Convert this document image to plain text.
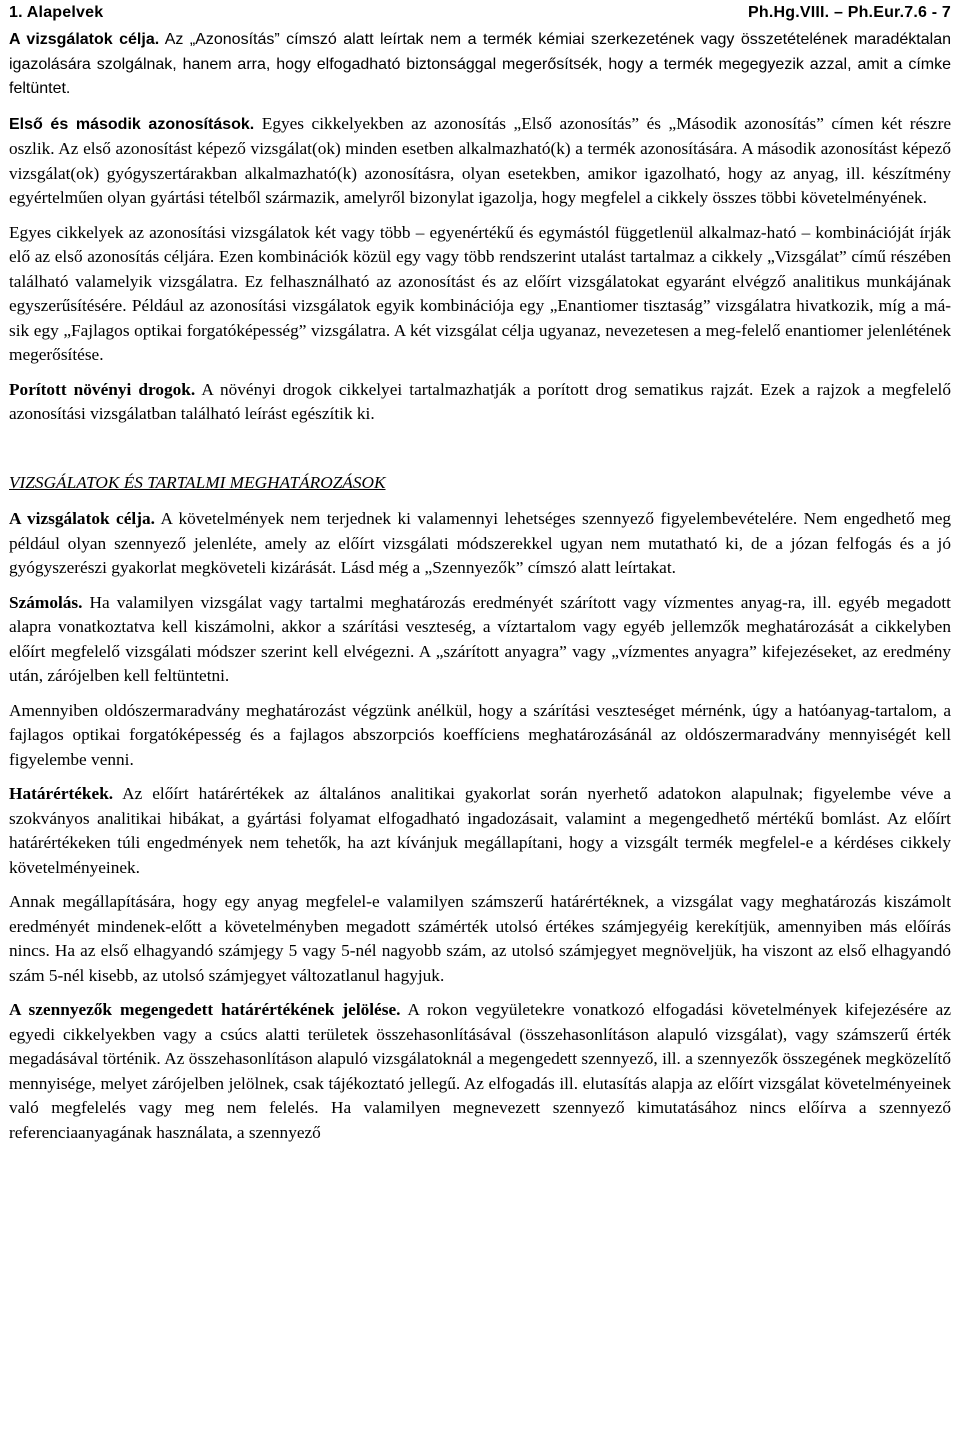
1. Alapelvek	Ph.Hg.VIII. – Ph.Eur.7.6 - 7

A vizsgálatok célja. Az „Azonosítás” címszó alatt leírtak nem a termék kémiai szerkezetének vagy összetételének maradéktalan igazolására szolgálnak, hanem arra, hogy elfogadható biztonsággal megerősítsék, hogy a termék megegyezik azzal, amit a címke feltüntet.

Első és második azonosítások. Egyes cikkelyekben az azonosítás „Első azonosítás” és „Második azonosítás” címen két részre oszlik. Az első azonosítást képező vizsgálat(ok) minden esetben alkalmazható(k) a termék azonosítására. A második azonosítást képező vizsgálat(ok) gyógyszertárakban alkalmazható(k) azonosításra, olyan esetekben, amikor igazolható, hogy az anyag, ill. készítmény egyértelműen olyan gyártási tételből származik, amelyről bizonylat igazolja, hogy megfelel a cikkely összes többi követelményének.

Egyes cikkelyek az azonosítási vizsgálatok két vagy több – egyenértékű és egymástól függetlenül alkalmaz-ható – kombinációját írják elő az első azonosítás céljára. Ezen kombinációk közül egy vagy több rendszerint utalást tartalmaz a cikkely „Vizsgálat” című részében található valamelyik vizsgálatra. Ez felhasználható az azonosítást és az előírt vizsgálatokat egyaránt elvégző analitikus munkájának egyszerűsítésére. Például az azonosítási vizsgálatok egyik kombinációja egy „Enantiomer tisztaság” vizsgálatra hivatkozik, míg a má-sik egy „Fajlagos optikai forgatóképesség” vizsgálatra. A két vizsgálat célja ugyanaz, nevezetesen a meg-felelő enantiomer jelenlétének megerősítése.

Porított növényi drogok. A növényi drogok cikkelyei tartalmazhatják a porított drog sematikus rajzát. Ezek a rajzok a megfelelő azonosítási vizsgálatban található leírást egészítik ki.

VIZSGÁLATOK ÉS TARTALMI MEGHATÁROZÁSOK

A vizsgálatok célja. A követelmények nem terjednek ki valamennyi lehetséges szennyező figyelembevételére. Nem engedhető meg például olyan szennyező jelenléte, amely az előírt vizsgálati módszerekkel ugyan nem mutatható ki, de a józan felfogás és a jó gyógyszerészi gyakorlat megköveteli kizárását. Lásd még a „Szennyezők” címszó alatt leírtakat.

Számolás. Ha valamilyen vizsgálat vagy tartalmi meghatározás eredményét szárított vagy vízmentes anyag-ra, ill. egyéb megadott alapra vonatkoztatva kell kiszámolni, akkor a szárítási veszteség, a víztartalom vagy egyéb jellemzők meghatározását a cikkelyben előírt megfelelő vizsgálati módszer szerint kell elvégezni. A „szárított anyagra” vagy „vízmentes anyagra” kifejezéseket, az eredmény után, zárójelben kell feltüntetni.

Amennyiben oldószermaradvány meghatározást végzünk anélkül, hogy a szárítási veszteséget mérnénk, úgy a hatóanyag-tartalom, a fajlagos optikai forgatóképesség és a fajlagos abszorpciós koeffíciens meghatározásánál az oldószermaradvány mennyiségét kell figyelembe venni.

Határértékek. Az előírt határértékek az általános analitikai gyakorlat során nyerhető adatokon alapulnak; figyelembe véve a szokványos analitikai hibákat, a gyártási folyamat elfogadható ingadozásait, valamint a megengedhető mértékű bomlást. Az előírt határértékeken túli engedmények nem tehetők, ha azt kívánjuk megállapítani, hogy a vizsgált termék megfelel-e a kérdéses cikkely követelményeinek.

Annak megállapítására, hogy egy anyag megfelel-e valamilyen számszerű határértéknek, a vizsgálat vagy meghatározás kiszámolt eredményét mindenek-előtt a követelményben megadott számérték utolsó értékes számjegyéig kerekítjük, amennyiben más előírás nincs. Ha az első elhagyandó számjegy 5 vagy 5-nél nagyobb szám, az utolsó számjegyet megnöveljük, ha viszont az első elhagyandó szám 5-nél kisebb, az utolsó számjegyet változatlanul hagyjuk.

A szennyezők megengedett határértékének jelölése. A rokon vegyületekre vonatkozó elfogadási követelmények kifejezésére az egyedi cikkelyekben vagy a csúcs alatti területek összehasonlításával (összehasonlításon alapuló vizsgálat), vagy számszerű érték megadásával történik. Az összehasonlításon alapuló vizsgálatoknál a megengedett szennyező, ill. a szennyezők összegének megközelítő mennyisége, melyet zárójelben jelölnek, csak tájékoztató jellegű. Az elfogadás ill. elutasítás alapja az előírt vizsgálat követelményeinek való megfelelés vagy meg nem felelés. Ha valamilyen megnevezett szennyező kimutatásához nincs előírva a szennyező referenciaanyagának használata, a szennyező
